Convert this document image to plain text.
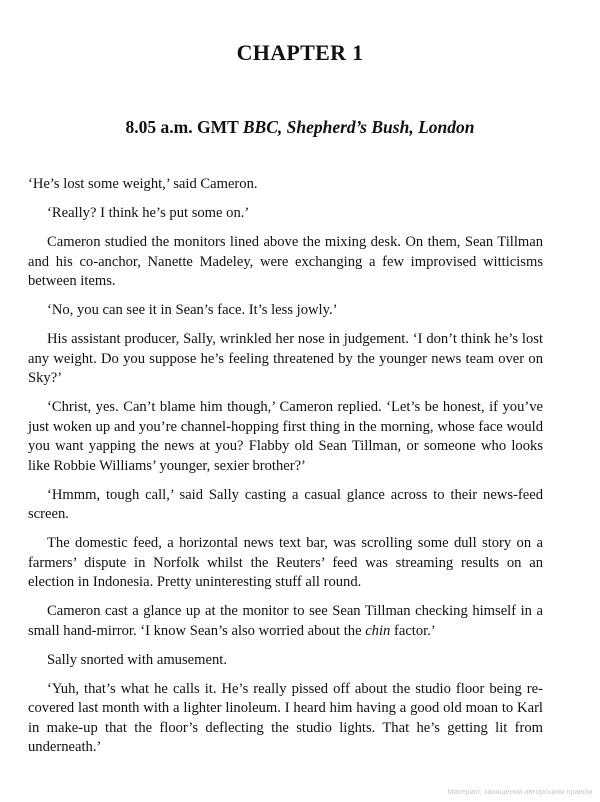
CHAPTER 1
8.05 a.m. GMT BBC, Shepherd’s Bush, London

‘He’s lost some weight,’ said Cameron.

‘Really? I think he’s put some on.’

Cameron studied the monitors lined above the mixing desk. On them, Sean Tillman and his co-anchor, Nanette Madeley, were exchanging a few improvised witticisms between items.

‘No, you can see it in Sean’s face. It’s less jowly.’

His assistant producer, Sally, wrinkled her nose in judgement. ‘I don’t think he’s lost any weight. Do you suppose he’s feeling threatened by the younger news team over on Sky?’

‘Christ, yes. Can’t blame him though,’ Cameron replied. ‘Let’s be honest, if you’ve just woken up and you’re channel-hopping first thing in the morning, whose face would you want yapping the news at you? Flabby old Sean Tillman, or someone who looks like Robbie Williams’ younger, sexier brother?’

‘Hmmm, tough call,’ said Sally casting a casual glance across to their news-feed screen.

The domestic feed, a horizontal news text bar, was scrolling some dull story on a farmers’ dispute in Norfolk whilst the Reuters’ feed was streaming results on an election in Indonesia. Pretty uninteresting stuff all round.

Cameron cast a glance up at the monitor to see Sean Tillman checking himself in a small hand-mirror. ‘I know Sean’s also worried about the chin factor.’

Sally snorted with amusement.

‘Yuh, that’s what he calls it. He’s really pissed off about the studio floor being re-covered last month with a lighter linoleum. I heard him having a good old moan to Karl in make-up that the floor’s deflecting the studio lights. That he’s getting lit from underneath.’

Матеріал, захищений авторським правом
